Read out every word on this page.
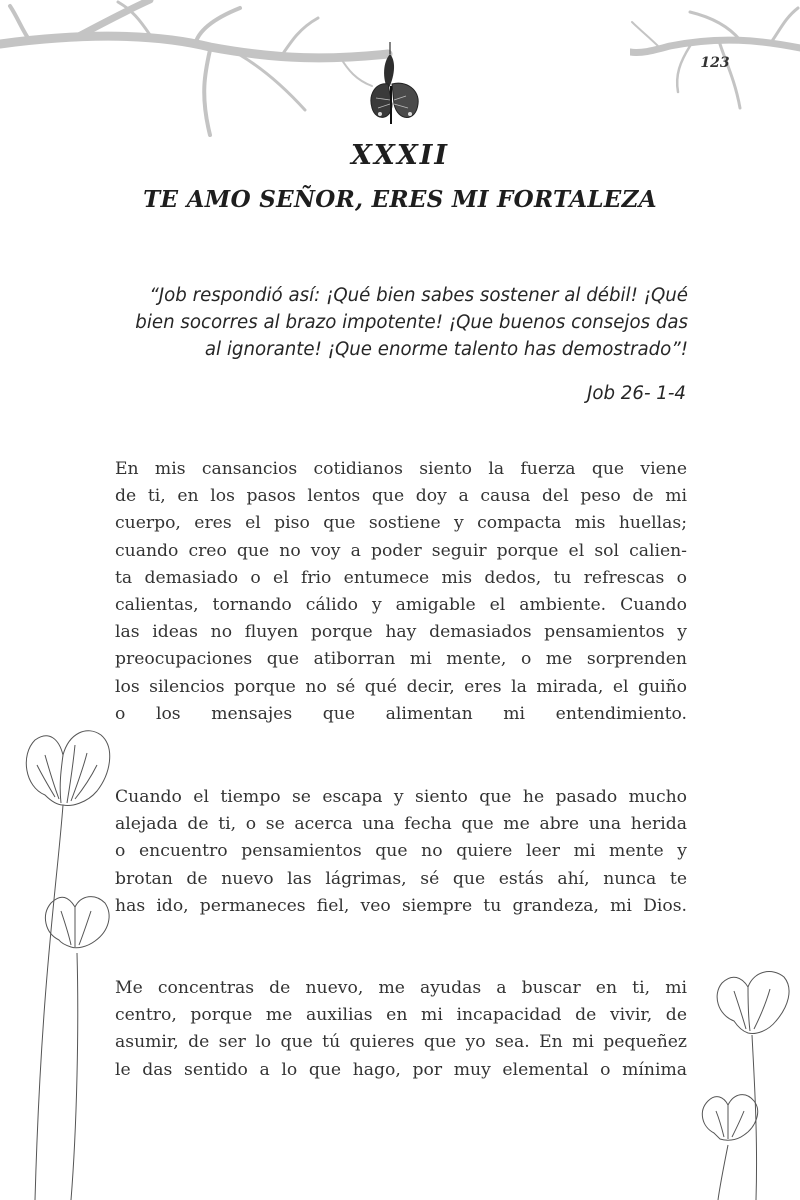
123
XXXII
TE AMO SEÑOR, ERES MI FORTALEZA
“Job respondió así: ¡Qué bien sabes sostener al débil! ¡Qué
bien socorres al brazo impotente! ¡Que buenos consejos das
al ignorante! ¡Que enorme talento has demostrado”!
Job 26- 1-4
En mis cansancios cotidianos siento la fuerza que viene
de ti, en los pasos lentos que doy a causa del peso de mi
cuerpo, eres el piso que sostiene y compacta mis huellas;
cuando creo que no voy a poder seguir porque el sol calien-
ta demasiado o el frio entumece mis dedos, tu refrescas o
calientas, tornando cálido y amigable el ambiente. Cuando
las ideas no fluyen porque hay demasiados pensamientos y
preocupaciones que atiborran mi mente, o me sorprenden
los silencios porque no sé qué decir, eres la mirada, el guiño
o los mensajes que alimentan mi entendimiento.
Cuando el tiempo se escapa y siento que he pasado mucho
alejada de ti, o se acerca una fecha que me abre una herida
o encuentro pensamientos que no quiere leer mi mente y
brotan de nuevo las lágrimas, sé que estás ahí, nunca te
has ido, permaneces fiel, veo siempre tu grandeza, mi Dios.
Me concentras de nuevo, me ayudas a buscar en ti, mi
centro, porque me auxilias en mi incapacidad de vivir, de
asumir, de ser lo que tú quieres que yo sea. En mi pequeñez
le das sentido a lo que hago, por muy elemental o mínima
